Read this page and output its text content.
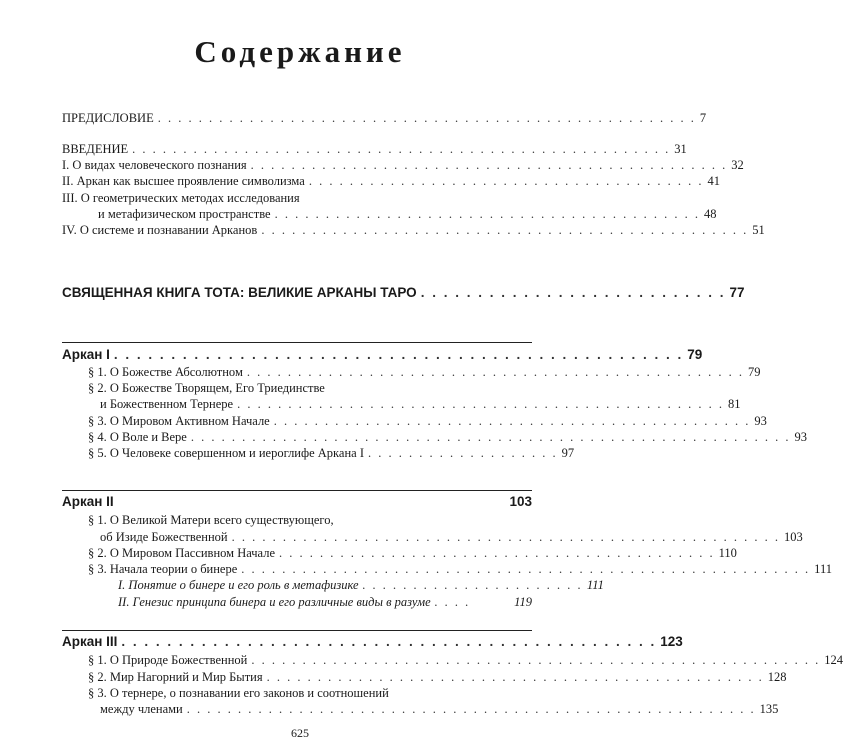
Содержание
ПРЕДИСЛОВИЕ . . . . . . . . . . . . . . . . . . . . . . . . . . . . . . . . . . . . . . . . . . . . . . . . . . . . . 7
ВВЕДЕНИЕ . . . . . . . . . . . . . . . . . . . . . . . . . . . . . . . . . . . . . . . . . . . . . . . . . . . . . 31
I. О видах человеческого познания . . . . . . . . . . . . . . . . . . . . . . . . . . . . . . . . . . . . . . . . . . . . . . . 32
II. Аркан как высшее проявление символизма . . . . . . . . . . . . . . . . . . . . . . . . . . . . . . . . . . . . . . . 41
III. О геометрических методах исследования
и метафизическом пространстве . . . . . . . . . . . . . . . . . . . . . . . . . . . . . . . . . . . . . . . . . . 48
IV. О системе и познавании Арканов . . . . . . . . . . . . . . . . . . . . . . . . . . . . . . . . . . . . . . . . . . . . . . . . 51
СВЯЩЕННАЯ КНИГА ТОТА: ВЕЛИКИЕ АРКАНЫ ТАРО . . . . . . . . . . . . . . . . . . . . . . . . . . . 77
Аркан I . . . . . . . . . . . . . . . . . . . . . . . . . . . . . . . . . . . . . . . . . . . . . . . . . . 79
§ 1. О Божестве Абсолютном . . . . . . . . . . . . . . . . . . . . . . . . . . . . . . . . . . . . . . . . . . . . . . . . . 79
§ 2. О Божестве Творящем, Его Триединстве
и Божественном Тернере . . . . . . . . . . . . . . . . . . . . . . . . . . . . . . . . . . . . . . . . . . . . . . . . 81
§ 3. О Мировом Активном Начале . . . . . . . . . . . . . . . . . . . . . . . . . . . . . . . . . . . . . . . . . . . . . . . 93
§ 4. О Воле и Вере . . . . . . . . . . . . . . . . . . . . . . . . . . . . . . . . . . . . . . . . . . . . . . . . . . . . . . . . . . . 93
§ 5. О Человеке совершенном и иероглифе Аркана I . . . . . . . . . . . . . . . . . . . 97
Аркан II	103
§ 1. О Великой Матери всего существующего,
об Изиде Божественной . . . . . . . . . . . . . . . . . . . . . . . . . . . . . . . . . . . . . . . . . . . . . . . . . . . . . . 103
§ 2. О Мировом Пассивном Начале . . . . . . . . . . . . . . . . . . . . . . . . . . . . . . . . . . . . . . . . . . . 110
§ 3. Начала теории о бинере . . . . . . . . . . . . . . . . . . . . . . . . . . . . . . . . . . . . . . . . . . . . . . . . . . . . . . . . 111
I. Понятие о бинере и его роль в метафизике . . . . . . . . . . . . . . . . . . . . . . 111
II. Генезис принципа бинера и его различные виды в разуме . . . .	119
Аркан III . . . . . . . . . . . . . . . . . . . . . . . . . . . . . . . . . . . . . . . . . . . . . . . 123
§ 1. О Природе Божественной . . . . . . . . . . . . . . . . . . . . . . . . . . . . . . . . . . . . . . . . . . . . . . . . . . . . . . . . 124
§ 2. Мир Нагорний и Мир Бытия . . . . . . . . . . . . . . . . . . . . . . . . . . . . . . . . . . . . . . . . . . . . . . . . . 128
§ 3. О тернере, о познавании его законов и соотношений
между членами . . . . . . . . . . . . . . . . . . . . . . . . . . . . . . . . . . . . . . . . . . . . . . . . . . . . . . . . 135
625
